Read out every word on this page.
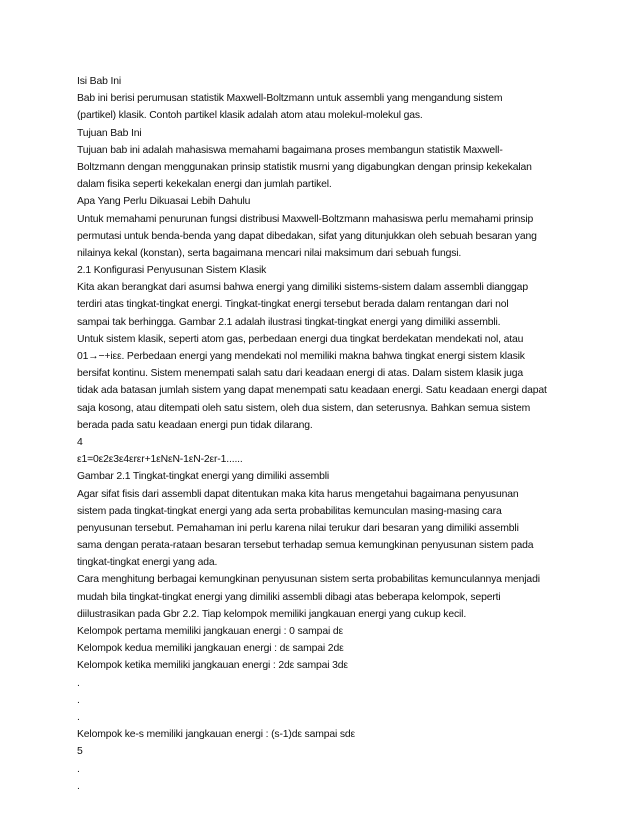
Isi Bab Ini
Bab ini berisi perumusan statistik Maxwell-Boltzmann untuk assembli yang mengandung sistem
(partikel) klasik. Contoh partikel klasik adalah atom atau molekul-molekul gas.
Tujuan Bab Ini
Tujuan bab ini adalah mahasiswa memahami bagaimana proses membangun statistik Maxwell-
Boltzmann dengan menggunakan prinsip statistik musrni yang digabungkan dengan prinsip kekekalan
dalam fisika seperti kekekalan energi dan jumlah partikel.
Apa Yang Perlu Dikuasai Lebih Dahulu
Untuk memahami penurunan fungsi distribusi Maxwell-Boltzmann mahasiswa perlu memahami prinsip
permutasi untuk benda-benda yang dapat dibedakan, sifat yang ditunjukkan oleh sebuah besaran yang
nilainya kekal (konstan), serta bagaimana mencari nilai maksimum dari sebuah fungsi.
2.1 Konfigurasi Penyusunan Sistem Klasik
Kita akan berangkat dari asumsi bahwa energi yang dimiliki sistems-sistem dalam assembli dianggap
terdiri atas tingkat-tingkat energi. Tingkat-tingkat energi tersebut berada dalam rentangan dari nol
sampai tak berhingga. Gambar 2.1 adalah ilustrasi tingkat-tingkat energi yang dimiliki assembli.
Untuk sistem klasik, seperti atom gas, perbedaan energi dua tingkat berdekatan mendekati nol, atau
01→−+iεε. Perbedaan energi yang mendekati nol memiliki makna bahwa tingkat energi sistem klasik
bersifat kontinu. Sistem menempati salah satu dari keadaan energi di atas. Dalam sistem klasik juga
tidak ada batasan jumlah sistem yang dapat menempati satu keadaan energi. Satu keadaan energi dapat
saja kosong, atau ditempati oleh satu sistem, oleh dua sistem, dan seterusnya. Bahkan semua sistem
berada pada satu keadaan energi pun tidak dilarang.
4
ε1=0ε2ε3ε4εrεr+1εNεN-1εN-2εr-1......
Gambar 2.1 Tingkat-tingkat energi yang dimiliki assembli
Agar sifat fisis dari assembli dapat ditentukan maka kita harus mengetahui bagaimana penyusunan
sistem pada tingkat-tingkat energi yang ada serta probabilitas kemunculan masing-masing cara
penyusunan tersebut. Pemahaman ini perlu karena nilai terukur dari besaran yang dimiliki assembli
sama dengan perata-rataan besaran tersebut terhadap semua kemungkinan penyusunan sistem pada
tingkat-tingkat energi yang ada.
Cara menghitung berbagai kemungkinan penyusunan sistem serta probabilitas kemunculannya menjadi
mudah bila tingkat-tingkat energi yang dimiliki assembli dibagi atas beberapa kelompok, seperti
diilustrasikan pada Gbr 2.2. Tiap kelompok memiliki jangkauan energi yang cukup kecil.
Kelompok pertama memiliki jangkauan energi : 0 sampai dε
Kelompok kedua memiliki jangkauan energi : dε sampai 2dε
Kelompok ketika memiliki jangkauan energi : 2dε sampai 3dε
.
.
.
Kelompok ke-s memiliki jangkauan energi : (s-1)dε sampai sdε
5
.
.
